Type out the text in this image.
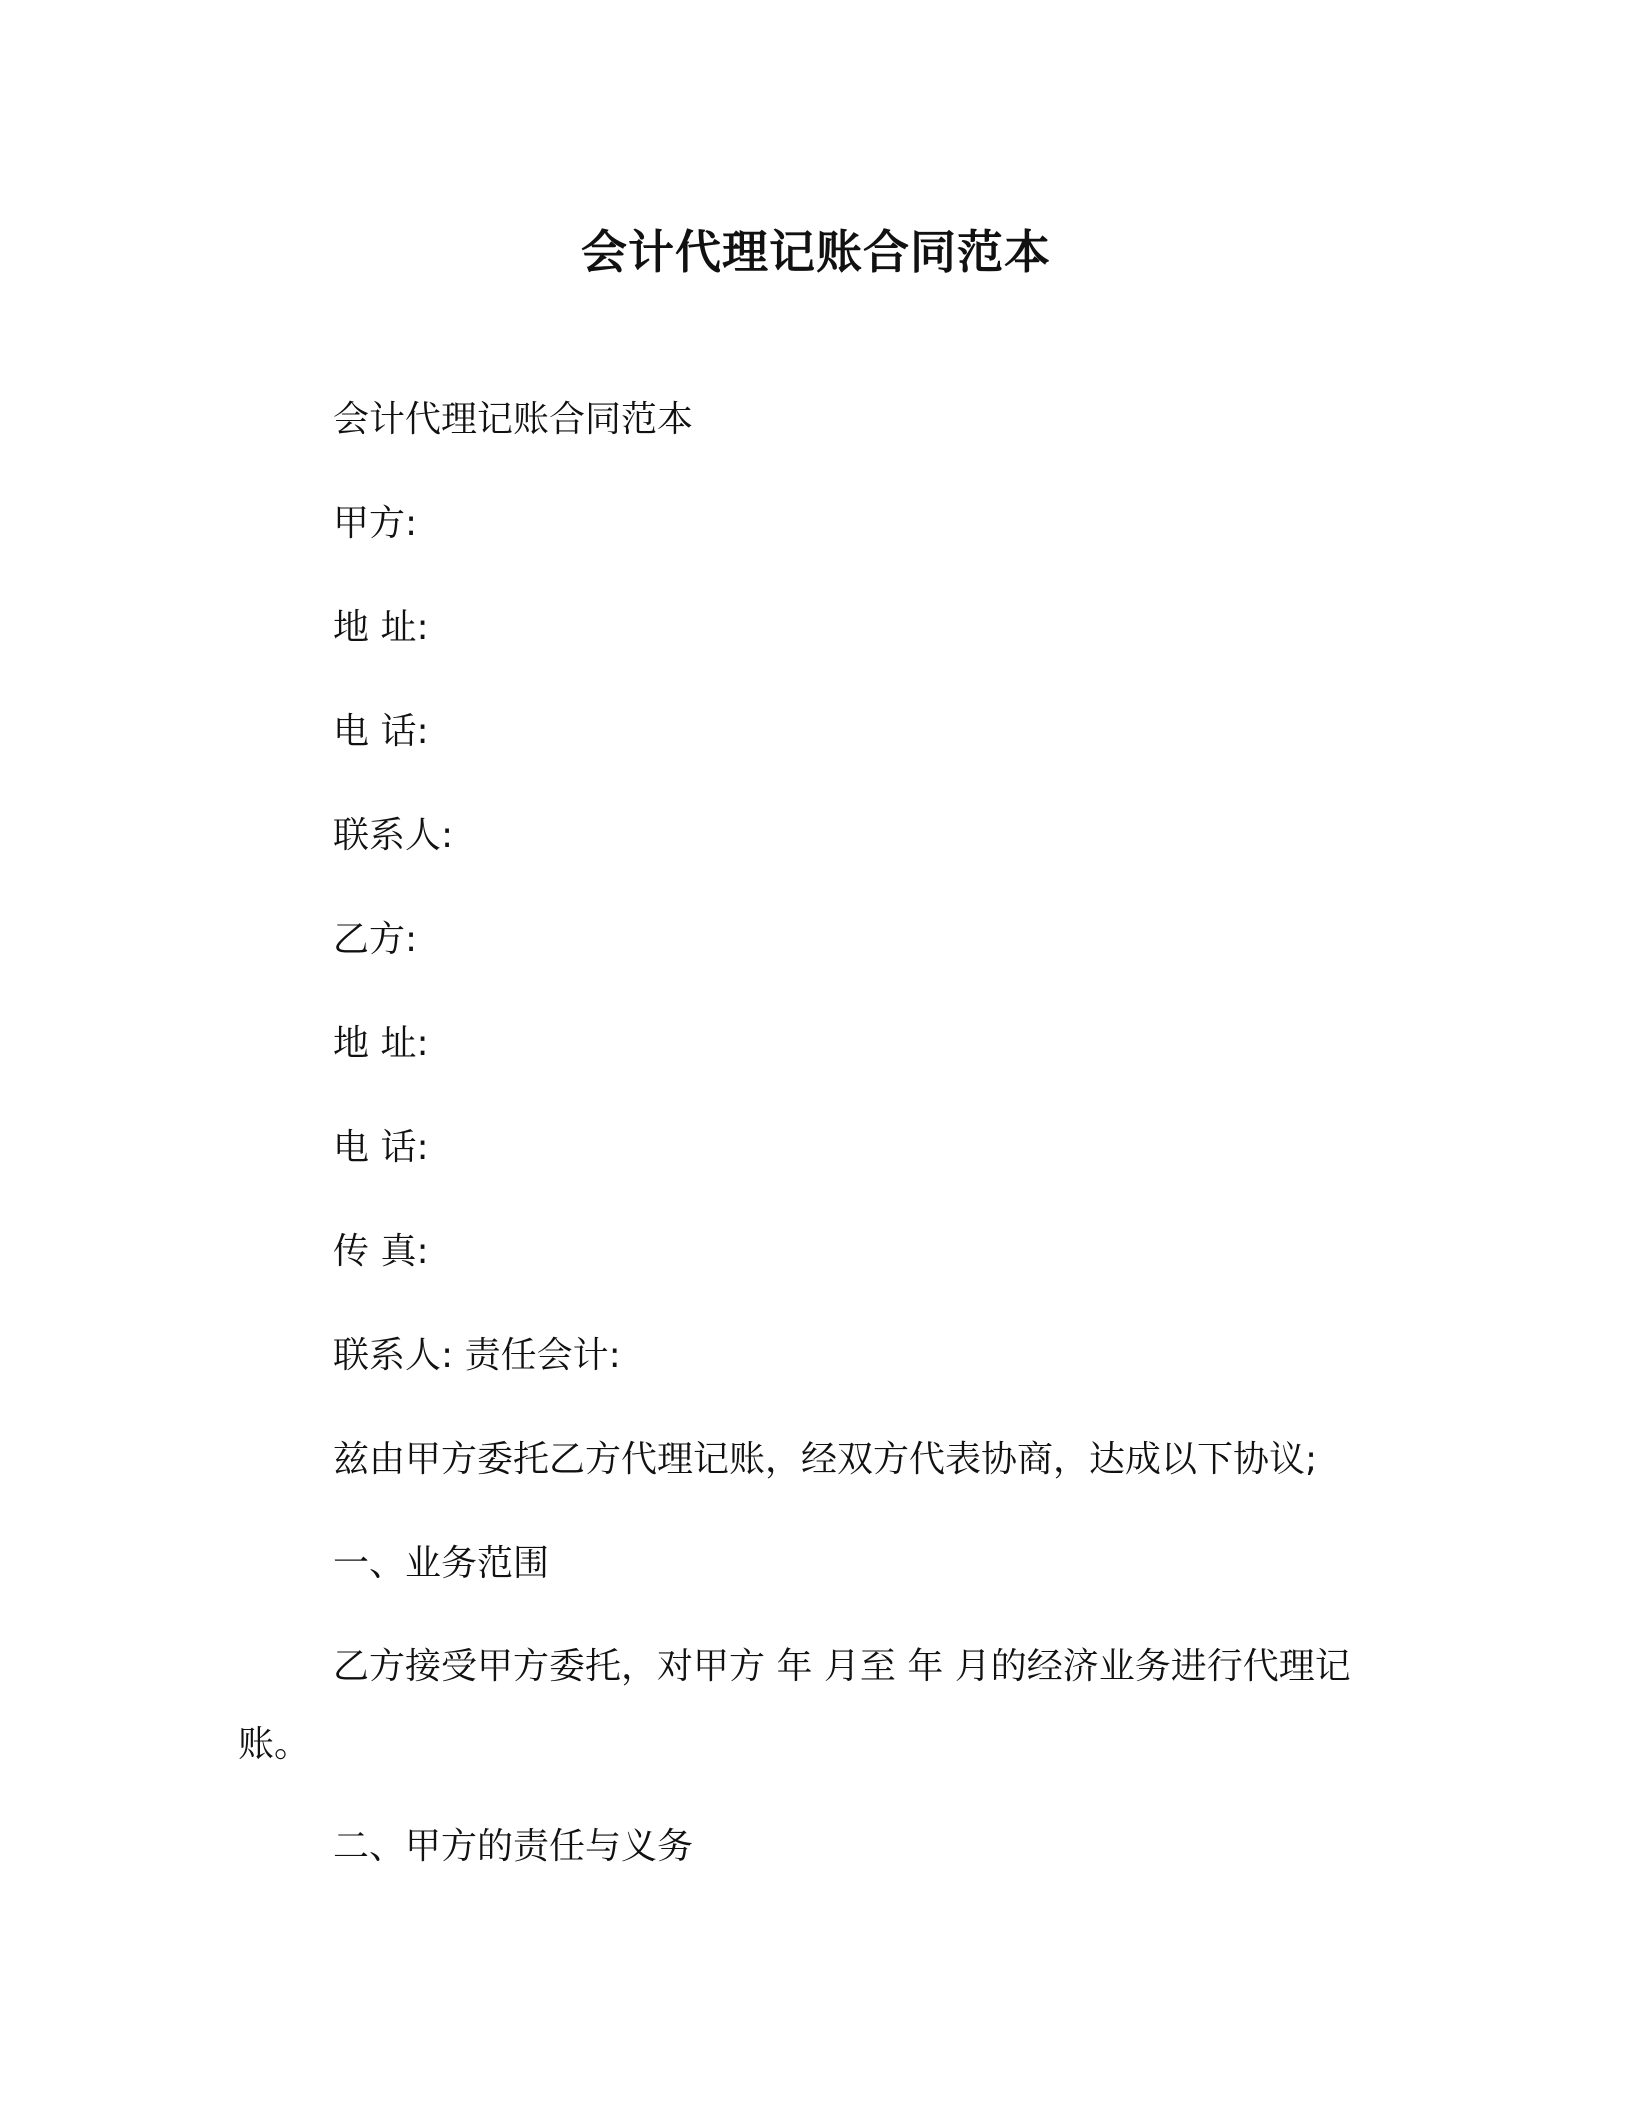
会计代理记账合同范本
会计代理记账合同范本
甲方:
地 址:
电 话:
联系人:
乙方:
地 址:
电 话:
传 真:
联系人: 责任会计:
兹由甲方委托乙方代理记账，经双方代表协商，达成以下协议;
一、业务范围
乙方接受甲方委托，对甲方 年 月至 年 月的经济业务进行代理记账。
二、甲方的责任与义务
